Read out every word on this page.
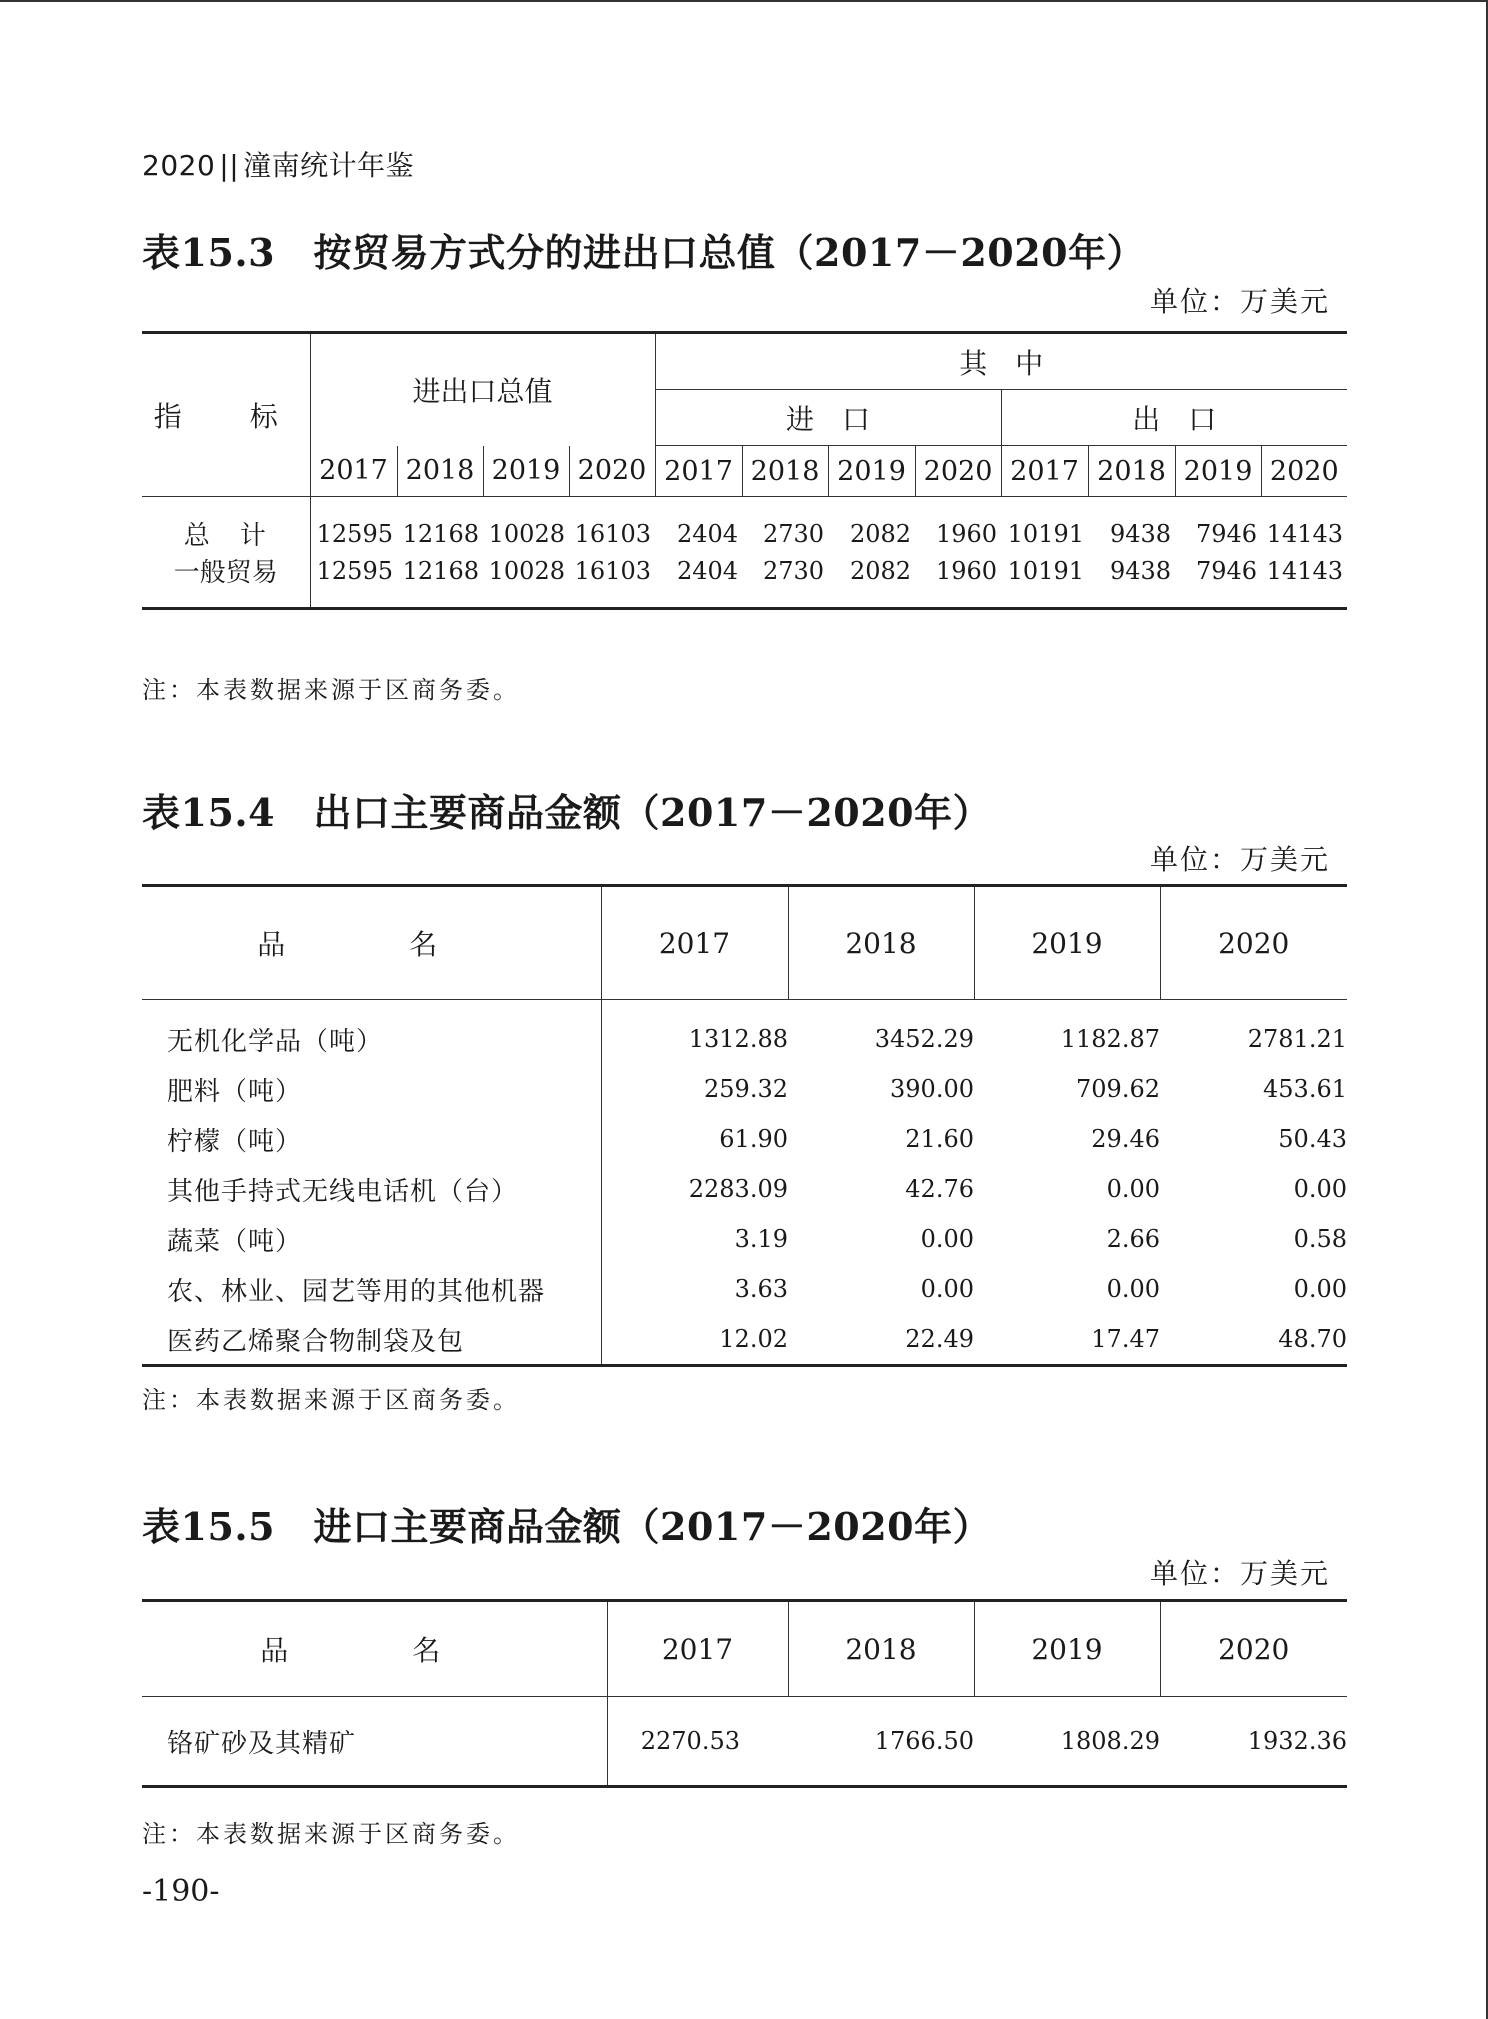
2020 || 潼南统计年鉴
表15.3　按贸易方式分的进出口总值（2017－2020年）
单位：万美元
指　标	进出口总值				其　中							
					进　口				出　口			
	2017	2018	2019	2020	2017	2018	2019	2020	2017	2018	2019	2020
总　计	12595	12168	10028	16103	2404	2730	2082	1960	10191	9438	7946	14143
一般贸易	12595	12168	10028	16103	2404	2730	2082	1960	10191	9438	7946	14143
注：本表数据来源于区商务委。
表15.4　出口主要商品金额（2017－2020年）
单位：万美元
品　名	2017	2018	2019	2020
无机化学品（吨）	1312.88	3452.29	1182.87	2781.21
肥料（吨）	259.32	390.00	709.62	453.61
柠檬（吨）	61.90	21.60	29.46	50.43
其他手持式无线电话机（台）	2283.09	42.76	0.00	0.00
蔬菜（吨）	3.19	0.00	2.66	0.58
农、林业、园艺等用的其他机器	3.63	0.00	0.00	0.00
医药乙烯聚合物制袋及包	12.02	22.49	17.47	48.70
注：本表数据来源于区商务委。
表15.5　进口主要商品金额（2017－2020年）
单位：万美元
品　名	2017	2018	2019	2020
铬矿砂及其精矿	2270.53	1766.50	1808.29	1932.36
注：本表数据来源于区商务委。
-190-
